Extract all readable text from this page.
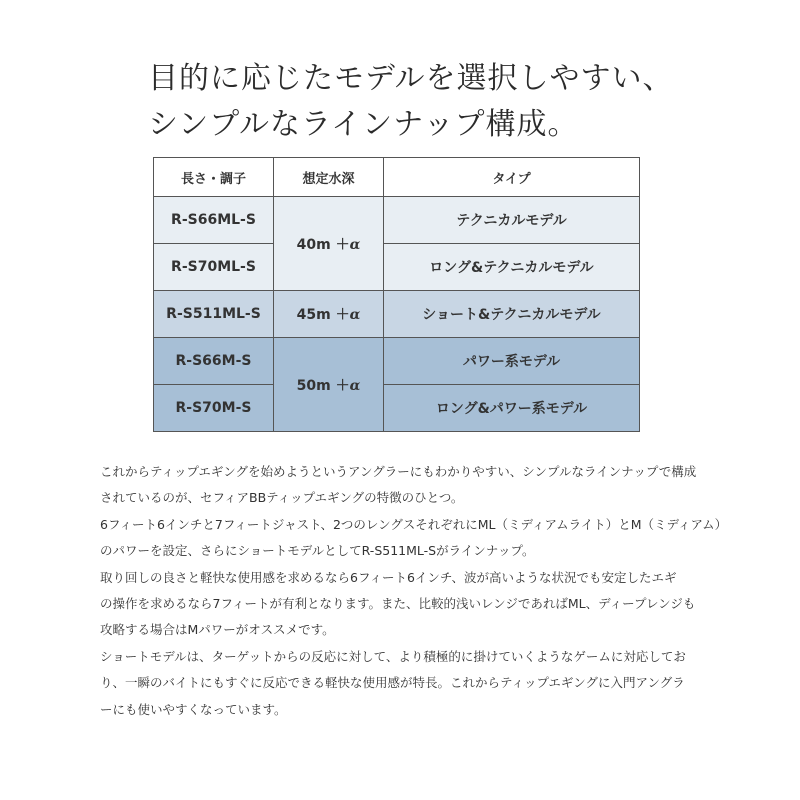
目的に応じたモデルを選択しやすい、
シンプルなラインナップ構成。
長さ・調子	想定水深	タイプ
R-S66ML-S	40m ＋α	テクニカルモデル
R-S70ML-S		ロング&テクニカルモデル
R-S511ML-S	45m ＋α	ショート&テクニカルモデル
R-S66M-S	50m ＋α	パワー系モデル
R-S70M-S		ロング&パワー系モデル

これからティップエギングを始めようというアングラーにもわかりやすい、シンプルなラインナップで構成

されているのが、セフィアBBティップエギングの特徴のひとつ。

6フィート6インチと7フィートジャスト、2つのレングスそれぞれにML（ミディアムライト）とM（ミディアム）

のパワーを設定、さらにショートモデルとしてR-S511ML-Sがラインナップ。

取り回しの良さと軽快な使用感を求めるなら6フィート6インチ、波が高いような状況でも安定したエギ

の操作を求めるなら7フィートが有利となります。また、比較的浅いレンジであればML、ディープレンジも

攻略する場合はMパワーがオススメです。

ショートモデルは、ターゲットからの反応に対して、より積極的に掛けていくようなゲームに対応してお

り、一瞬のバイトにもすぐに反応できる軽快な使用感が特長。これからティップエギングに入門アングラ

ーにも使いやすくなっています。
